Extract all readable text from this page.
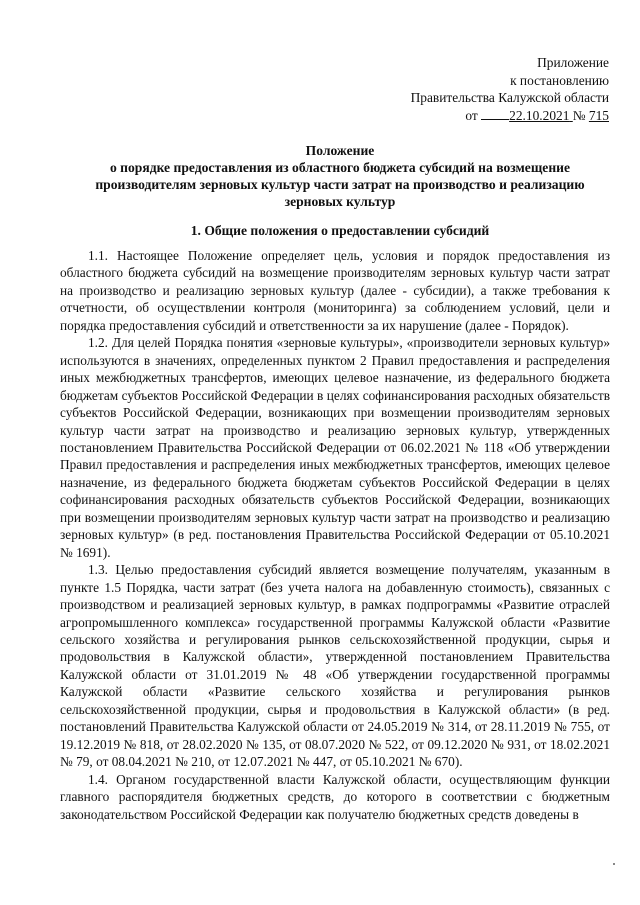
Приложение
к постановлению
Правительства Калужской области
от 22.10.2021 № 715
Положение
о порядке предоставления из областного бюджета субсидий на возмещение
производителям зерновых культур части затрат на производство и реализацию
зерновых культур
1. Общие положения о предоставлении субсидий

1.1. Настоящее Положение определяет цель, условия и порядок предоставления из областного бюджета субсидий на возмещение производителям зерновых культур части затрат на производство и реализацию зерновых культур (далее - субсидии), а также требования к отчетности, об осуществлении контроля (мониторинга) за соблюдением условий, цели и порядка предоставления субсидий и ответственности за их нарушение (далее - Порядок).

1.2. Для целей Порядка понятия «зерновые культуры», «производители зерновых культур» используются в значениях, определенных пунктом 2 Правил предоставления и распределения иных межбюджетных трансфертов, имеющих целевое назначение, из федерального бюджета бюджетам субъектов Российской Федерации в целях софинансирования расходных обязательств субъектов Российской Федерации, возникающих при возмещении производителям зерновых культур части затрат на производство и реализацию зерновых культур, утвержденных постановлением Правительства Российской Федерации от 06.02.2021 № 118 «Об утверждении Правил предоставления и распределения иных межбюджетных трансфертов, имеющих целевое назначение, из федерального бюджета бюджетам субъектов Российской Федерации в целях софинансирования расходных обязательств субъектов Российской Федерации, возникающих при возмещении производителям зерновых культур части затрат на производство и реализацию зерновых культур» (в ред. постановления Правительства Российской Федерации от 05.10.2021 № 1691).

1.3. Целью предоставления субсидий является возмещение получателям, указанным в пункте 1.5 Порядка, части затрат (без учета налога на добавленную стоимость), связанных с производством и реализацией зерновых культур, в рамках подпрограммы «Развитие отраслей агропромышленного комплекса» государственной программы Калужской области «Развитие сельского хозяйства и регулирования рынков сельскохозяйственной продукции, сырья и продовольствия в Калужской области», утвержденной постановлением Правительства Калужской области от 31.01.2019 № 48 «Об утверждении государственной программы Калужской области «Развитие сельского хозяйства и регулирования рынков сельскохозяйственной продукции, сырья и продовольствия в Калужской области» (в ред. постановлений Правительства Калужской области от 24.05.2019 № 314, от 28.11.2019 № 755, от 19.12.2019 № 818, от 28.02.2020 № 135, от 08.07.2020 № 522, от 09.12.2020 № 931, от 18.02.2021 № 79, от 08.04.2021 № 210, от 12.07.2021 № 447, от 05.10.2021 № 670).

1.4. Органом государственной власти Калужской области, осуществляющим функции главного распорядителя бюджетных средств, до которого в соответствии с бюджетным законодательством Российской Федерации как получателю бюджетных средств доведены в
